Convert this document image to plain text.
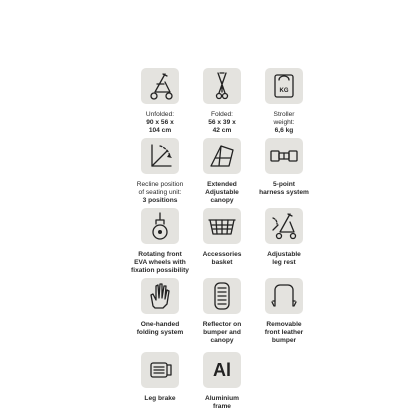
Unfolded:
90 x 56 x
104 cm
Folded:
56 x 39 x
42 cm
KG
Stroller
weight:
6,6 kg
Recline position
of seating unit:
3 positions
Extended
Adjustable
canopy
5-point
harness system
Rotating front
EVA wheels with
fixation possibility
Accessories
basket
Adjustable
leg rest
One-handed
folding system
Reflector on
bumper and
canopy
Removable
front leather
bumper
Leg brake
Al
Aluminium
frame
